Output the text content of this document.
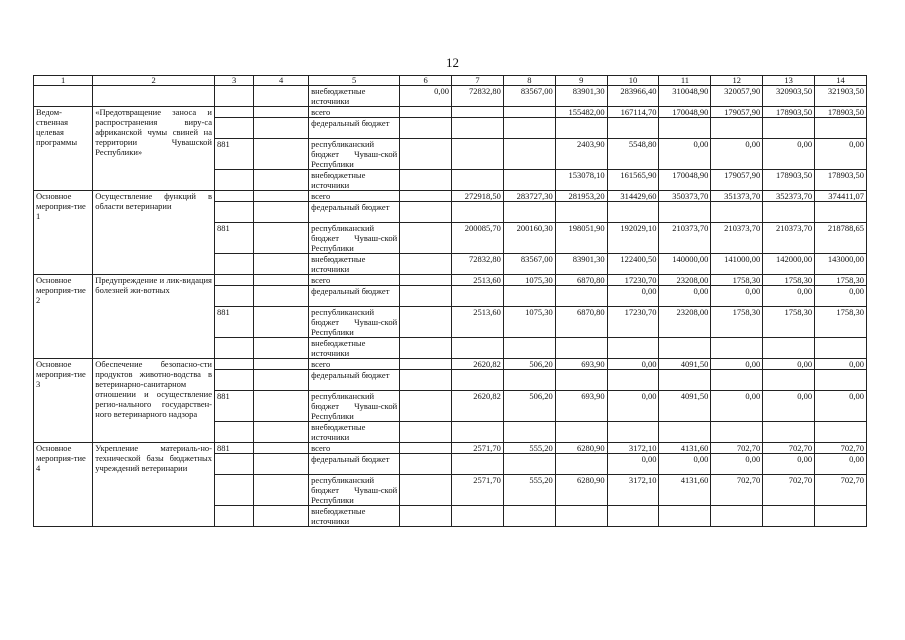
12
1	2	3	4	5	6	7	8	9	10	11	12	13	14
				внебюджетные источники	0,00	72832,80	83567,00	83901,30	283966,40	310048,90	320057,90	320903,50	321903,50
Ведом-ственная целевая программы	«Предотвращение заноса и распространения виру-са африканской чумы свиней на территории Чувашской Республики»			всего				155482,00	167114,70	170048,90	179057,90	178903,50	178903,50
				федеральный бюджет									
		881		республиканский бюджет Чуваш-ской Республики				2403,90	5548,80	0,00	0,00	0,00	0,00
				внебюджетные источники				153078,10	161565,90	170048,90	179057,90	178903,50	178903,50
Основное мероприя-тие 1	Осуществление функций в области ветеринарии			всего		272918,50	283727,30	281953,20	314429,60	350373,70	351373,70	352373,70	374411,07
				федеральный бюджет									
		881		республиканский бюджет Чуваш-ской Республики		200085,70	200160,30	198051,90	192029,10	210373,70	210373,70	210373,70	218788,65
				внебюджетные источники		72832,80	83567,00	83901,30	122400,50	140000,00	141000,00	142000,00	143000,00
Основное мероприя-тие 2	Предупреждение и лик-видация болезней жи-вотных			всего		2513,60	1075,30	6870,80	17230,70	23208,00	1758,30	1758,30	1758,30
				федеральный бюджет					0,00	0,00	0,00	0,00	0,00
		881		республиканский бюджет Чуваш-ской Республики		2513,60	1075,30	6870,80	17230,70	23208,00	1758,30	1758,30	1758,30
				внебюджетные источники									
Основное мероприя-тие 3	Обеспечение безопасно-сти продуктов животно-водства в ветеринарно-санитарном отношении и осуществление регио-нального государствен-ного ветеринарного надзора			всего		2620,82	506,20	693,90	0,00	4091,50	0,00	0,00	0,00
				федеральный бюджет									
		881		республиканский бюджет Чуваш-ской Республики		2620,82	506,20	693,90	0,00	4091,50	0,00	0,00	0,00
				внебюджетные источники									
Основное мероприя-тие 4	Укрепление материаль-но-технической базы бюджетных учреждений ветеринарии	881		всего		2571,70	555,20	6280,90	3172,10	4131,60	702,70	702,70	702,70
				федеральный бюджет					0,00	0,00	0,00	0,00	0,00
				республиканский бюджет Чуваш-ской Республики		2571,70	555,20	6280,90	3172,10	4131,60	702,70	702,70	702,70
				внебюджетные источники									
